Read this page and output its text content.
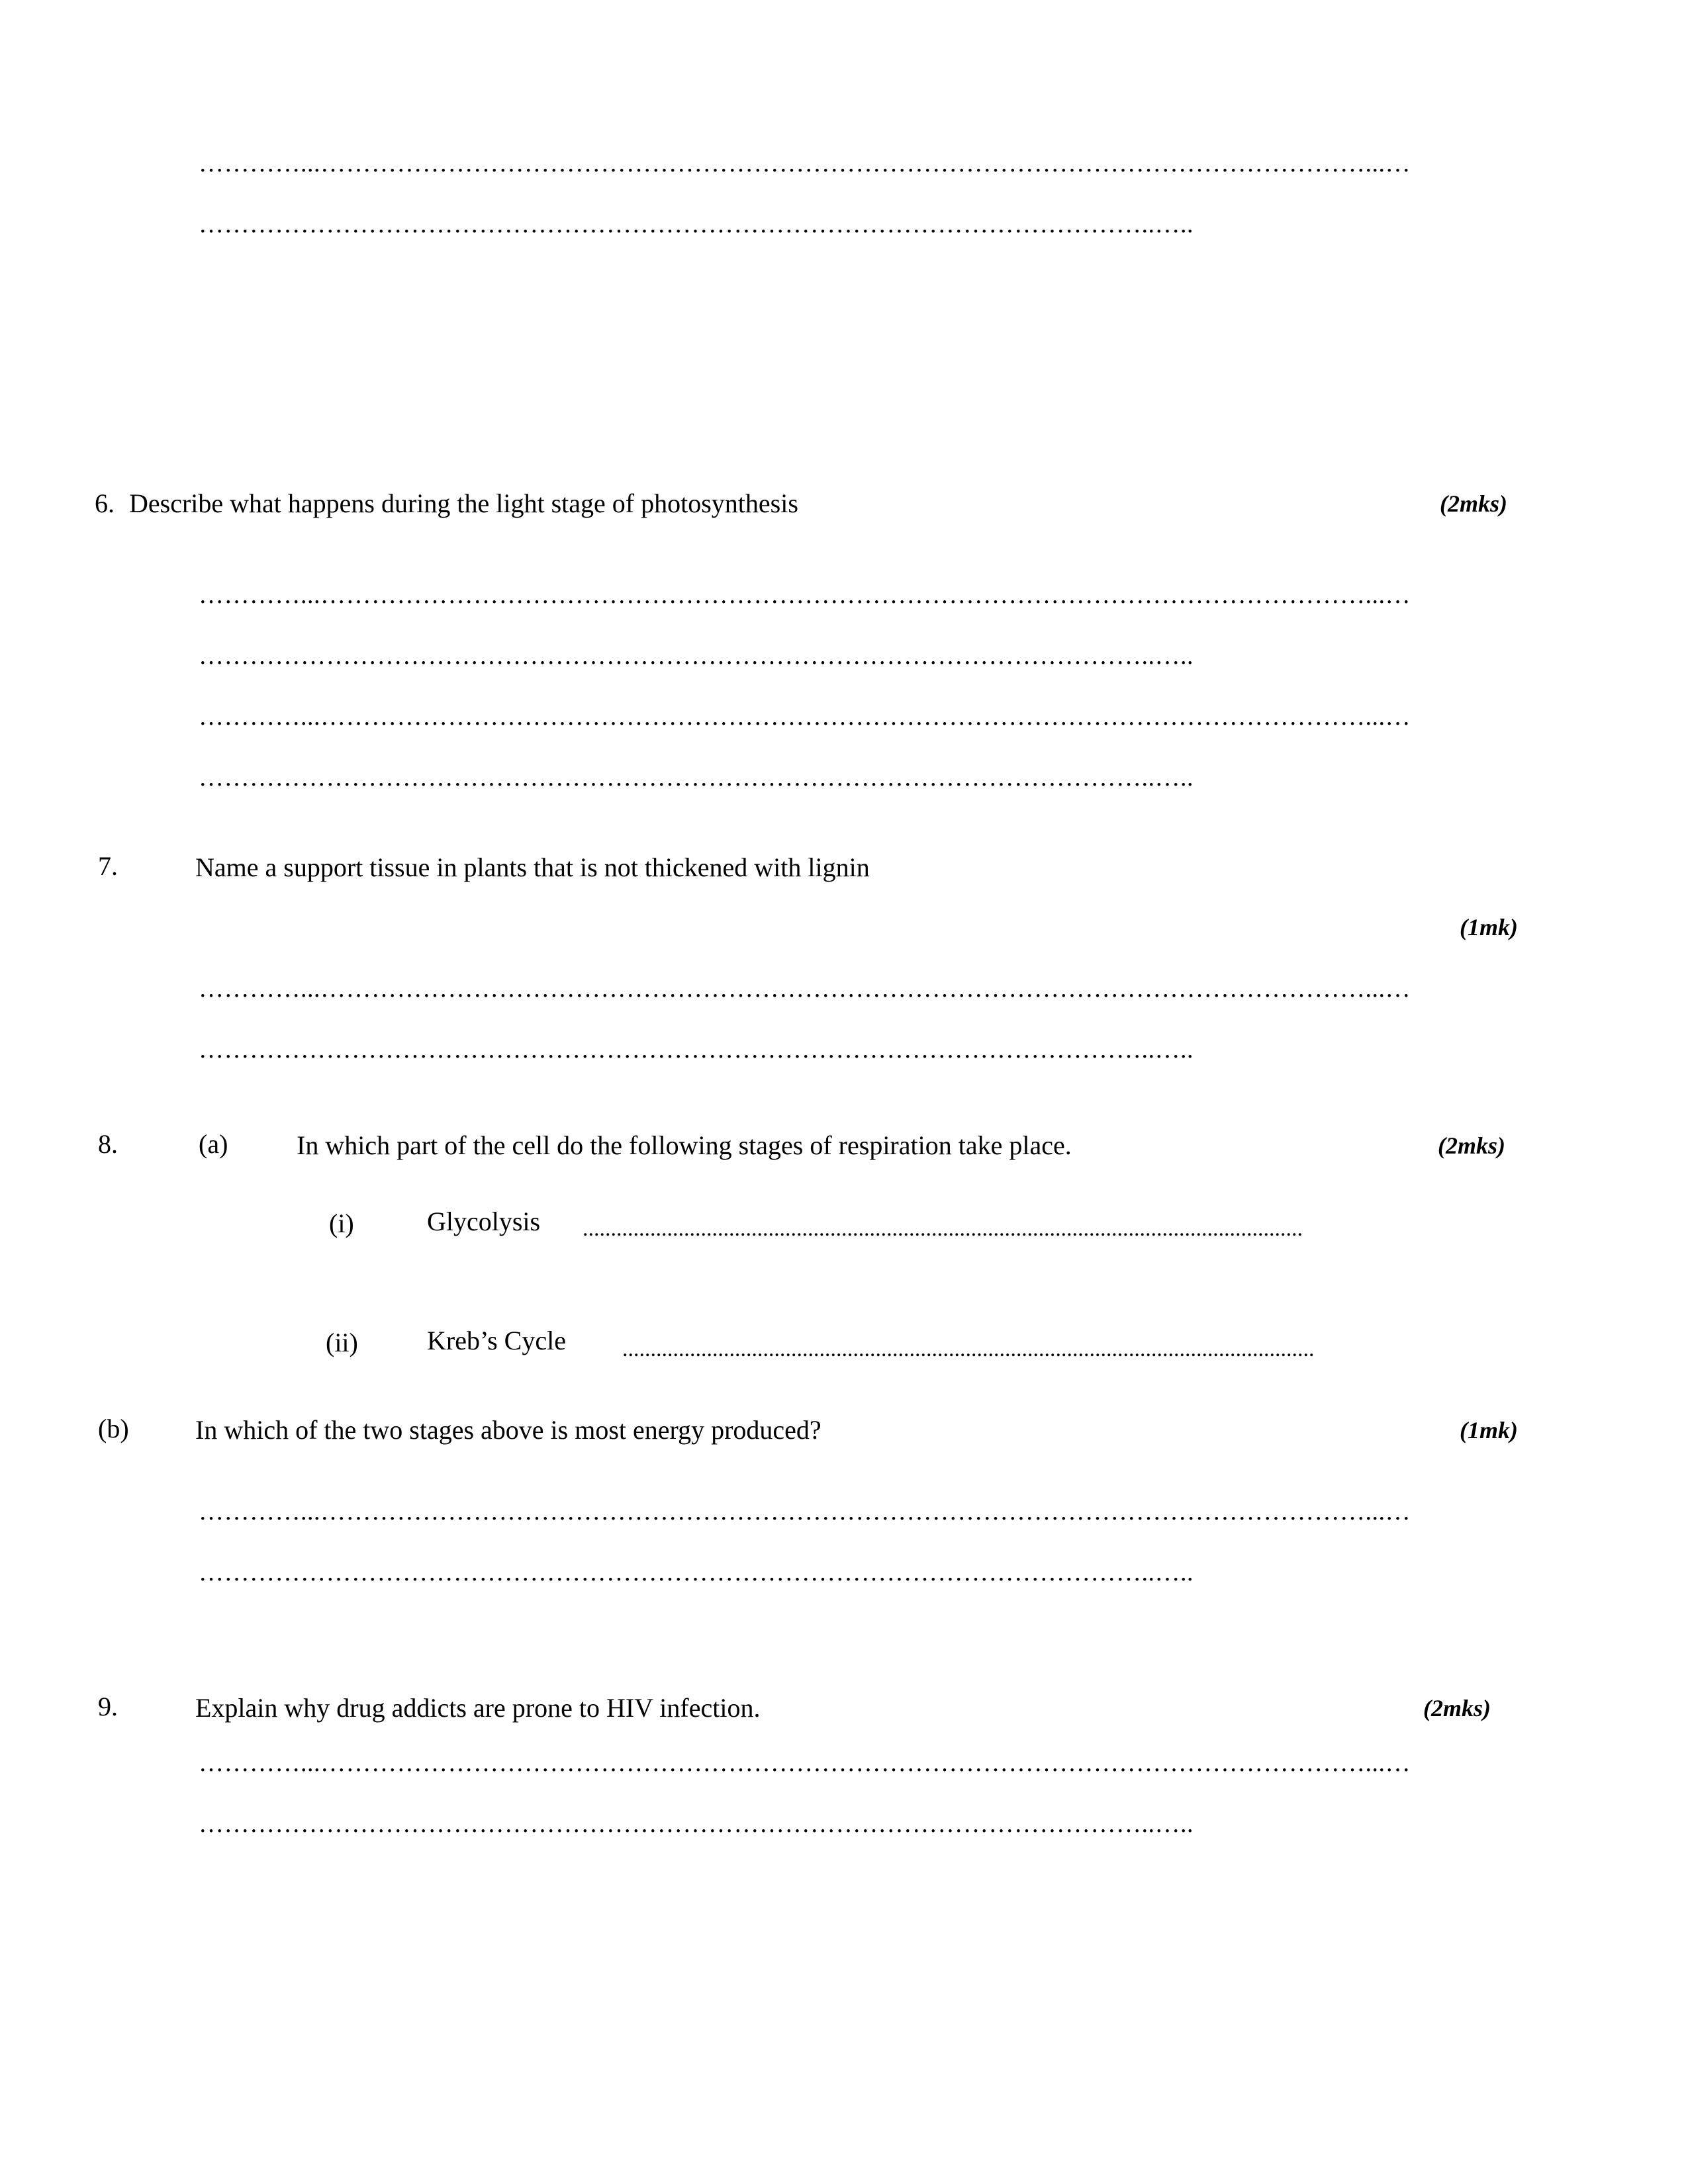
…………...……………………………………………………………………………………………………………...…
…………………………………………………………………………………………………..…..
6. Describe what happens during the light stage of photosynthesis	(2mks)
…………...……………………………………………………………………………………………………………...…
…………………………………………………………………………………………………..…..
…………...……………………………………………………………………………………………………………...…
…………………………………………………………………………………………………..…..
7.	Name a support tissue in plants that is not thickened with lignin
(1mk)
…………...……………………………………………………………………………………………………………...…
…………………………………………………………………………………………………..…..
8.	(a)	In which part of the cell do the following stages of respiration take place.	(2mks)
(i)	Glycolysis ................................................................................................................................
(ii)	Kreb’s Cycle	...........................................................................................................................
(b)	In which of the two stages above is most energy produced?	(1mk)
…………...……………………………………………………………………………………………………………...…
…………………………………………………………………………………………………..…..
9.	Explain why drug addicts are prone to HIV infection.	(2mks)
…………...……………………………………………………………………………………………………………...…
…………………………………………………………………………………………………..…..
